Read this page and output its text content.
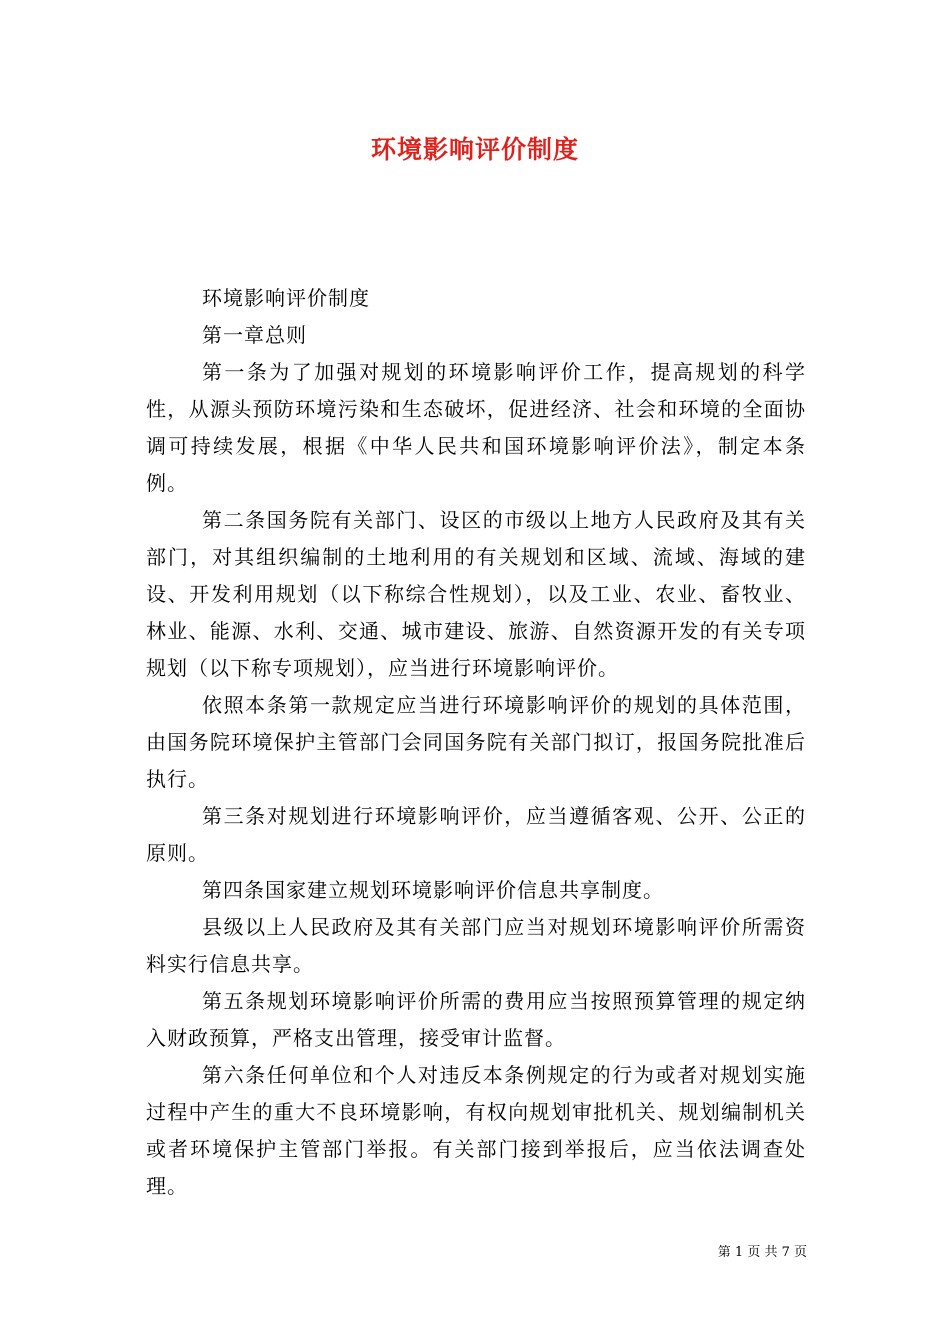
环境影响评价制度

环境影响评价制度

第一章总则

第一条为了加强对规划的环境影响评价工作，提高规划的科学性，从源头预防环境污染和生态破坏，促进经济、社会和环境的全面协调可持续发展，根据《中华人民共和国环境影响评价法》，制定本条例。

第二条国务院有关部门、设区的市级以上地方人民政府及其有关部门，对其组织编制的土地利用的有关规划和区域、流域、海域的建设、开发利用规划（以下称综合性规划），以及工业、农业、畜牧业、林业、能源、水利、交通、城市建设、旅游、自然资源开发的有关专项规划（以下称专项规划），应当进行环境影响评价。

依照本条第一款规定应当进行环境影响评价的规划的具体范围，由国务院环境保护主管部门会同国务院有关部门拟订，报国务院批准后执行。

第三条对规划进行环境影响评价，应当遵循客观、公开、公正的原则。

第四条国家建立规划环境影响评价信息共享制度。

县级以上人民政府及其有关部门应当对规划环境影响评价所需资料实行信息共享。

第五条规划环境影响评价所需的费用应当按照预算管理的规定纳入财政预算，严格支出管理，接受审计监督。

第六条任何单位和个人对违反本条例规定的行为或者对规划实施过程中产生的重大不良环境影响，有权向规划审批机关、规划编制机关或者环境保护主管部门举报。有关部门接到举报后，应当依法调查处理。

第 1 页 共 7 页
